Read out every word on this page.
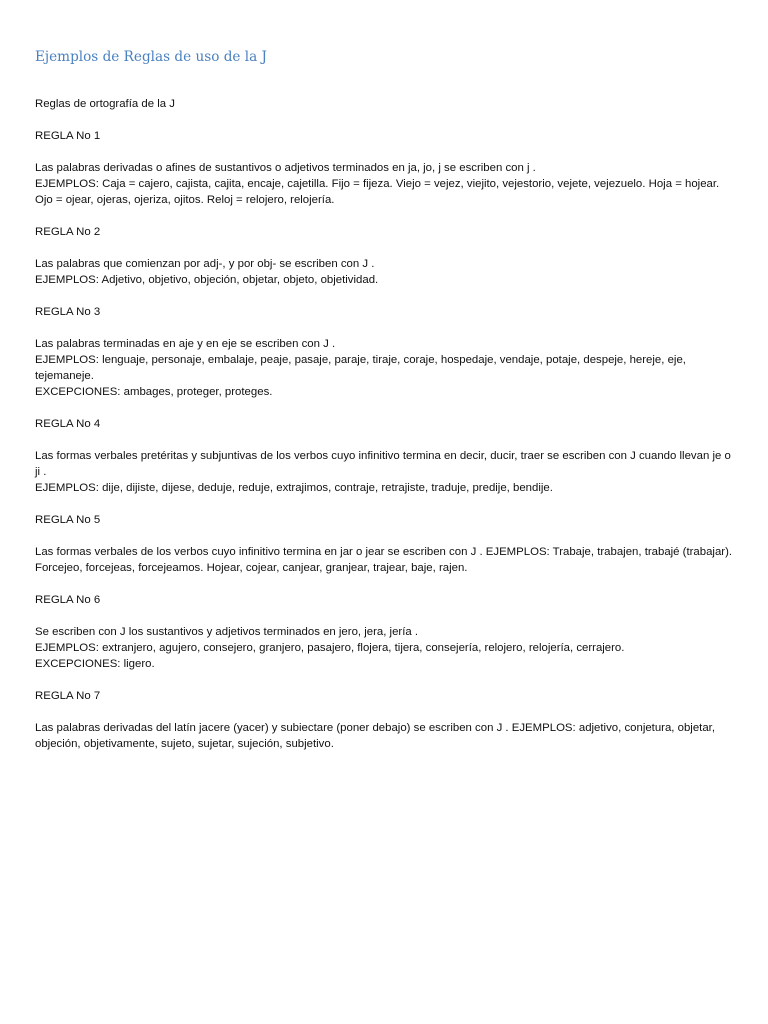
Ejemplos de Reglas de uso de la J

Reglas de ortografía de la J

REGLA No 1

Las palabras derivadas o afines de sustantivos o adjetivos terminados en ja, jo, j se escriben con j .

EJEMPLOS: Caja = cajero, cajista, cajita, encaje, cajetilla. Fijo = fijeza. Viejo = vejez, viejito, vejestorio, vejete, vejezuelo. Hoja = hojear. Ojo = ojear, ojeras, ojeriza, ojitos. Reloj = relojero, relojería.

REGLA No 2

Las palabras que comienzan por adj-, y por obj- se escriben con J .

EJEMPLOS: Adjetivo, objetivo, objeción, objetar, objeto, objetividad.

REGLA No 3

Las palabras terminadas en aje y en eje se escriben con J .

EJEMPLOS: lenguaje, personaje, embalaje, peaje, pasaje, paraje, tiraje, coraje, hospedaje, vendaje, potaje, despeje, hereje, eje, tejemaneje.

EXCEPCIONES: ambages, proteger, proteges.

REGLA No 4

Las formas verbales pretéritas y subjuntivas de los verbos cuyo infinitivo termina en decir, ducir, traer se escriben con J cuando llevan je o ji .

EJEMPLOS: dije, dijiste, dijese, deduje, reduje, extrajimos, contraje, retrajiste, traduje, predije, bendije.

REGLA No 5

Las formas verbales de los verbos cuyo infinitivo termina en jar o jear se escriben con J . EJEMPLOS: Trabaje, trabajen, trabajé (trabajar). Forcejeo, forcejeas, forcejeamos. Hojear, cojear, canjear, granjear, trajear, baje, rajen.

REGLA No 6

Se escriben con J los sustantivos y adjetivos terminados en jero, jera, jería .

EJEMPLOS: extranjero, agujero, consejero, granjero, pasajero, flojera, tijera, consejería, relojero, relojería, cerrajero.

EXCEPCIONES: ligero.

REGLA No 7

Las palabras derivadas del latín jacere (yacer) y subiectare (poner debajo) se escriben con J . EJEMPLOS: adjetivo, conjetura, objetar, objeción, objetivamente, sujeto, sujetar, sujeción, subjetivo.
